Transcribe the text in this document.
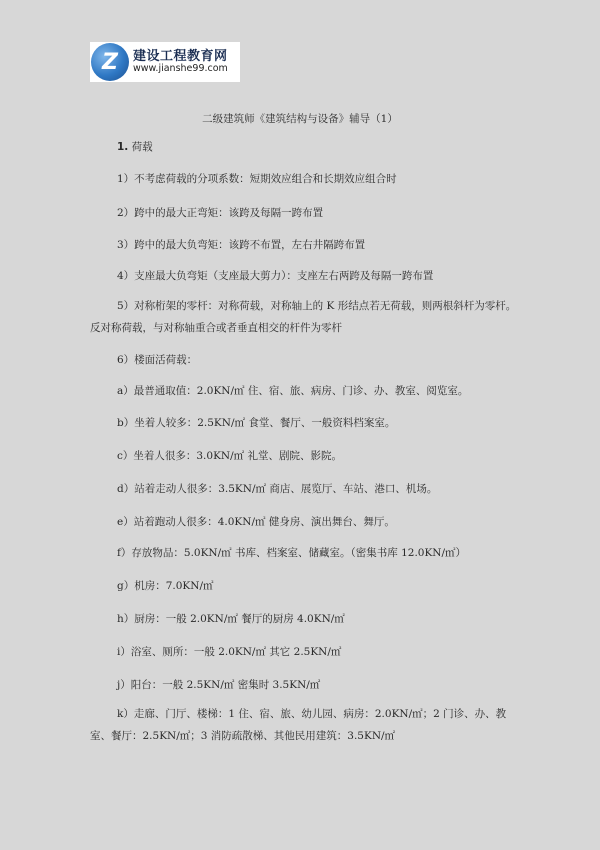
Z	建设工程教育网
www.jianshe99.com
二级建筑师《建筑结构与设备》辅导（1）
1. 荷载
1）不考虑荷载的分项系数：短期效应组合和长期效应组合时
2）跨中的最大正弯矩：该跨及每隔一跨布置
3）跨中的最大负弯矩：该跨不布置，左右井隔跨布置
4）支座最大负弯矩（支座最大剪力）：支座左右两跨及每隔一跨布置
5）对称桁架的零杆：对称荷载，对称轴上的 K 形结点若无荷载，则两根斜杆为零杆。反对称荷载，与对称轴重合或者垂直相交的杆件为零杆
6）楼面活荷载：
a）最普通取值：2.0KN/㎡ 住、宿、旅、病房、门诊、办、教室、阅览室。
b）坐着人较多：2.5KN/㎡ 食堂、餐厅、一般资料档案室。
c）坐着人很多：3.0KN/㎡ 礼堂、剧院、影院。
d）站着走动人很多：3.5KN/㎡ 商店、展览厅、车站、港口、机场。
e）站着跑动人很多：4.0KN/㎡ 健身房、演出舞台、舞厅。
f）存放物品：5.0KN/㎡ 书库、档案室、储藏室。（密集书库 12.0KN/㎡）
g）机房：7.0KN/㎡
h）厨房：一般 2.0KN/㎡ 餐厅的厨房 4.0KN/㎡
i）浴室、厕所：一般 2.0KN/㎡ 其它 2.5KN/㎡
j）阳台：一般 2.5KN/㎡ 密集时 3.5KN/㎡
k）走廊、门厅、楼梯：1 住、宿、旅、幼儿园、病房：2.0KN/㎡；2 门诊、办、教室、餐厅：2.5KN/㎡；3 消防疏散梯、其他民用建筑：3.5KN/㎡
